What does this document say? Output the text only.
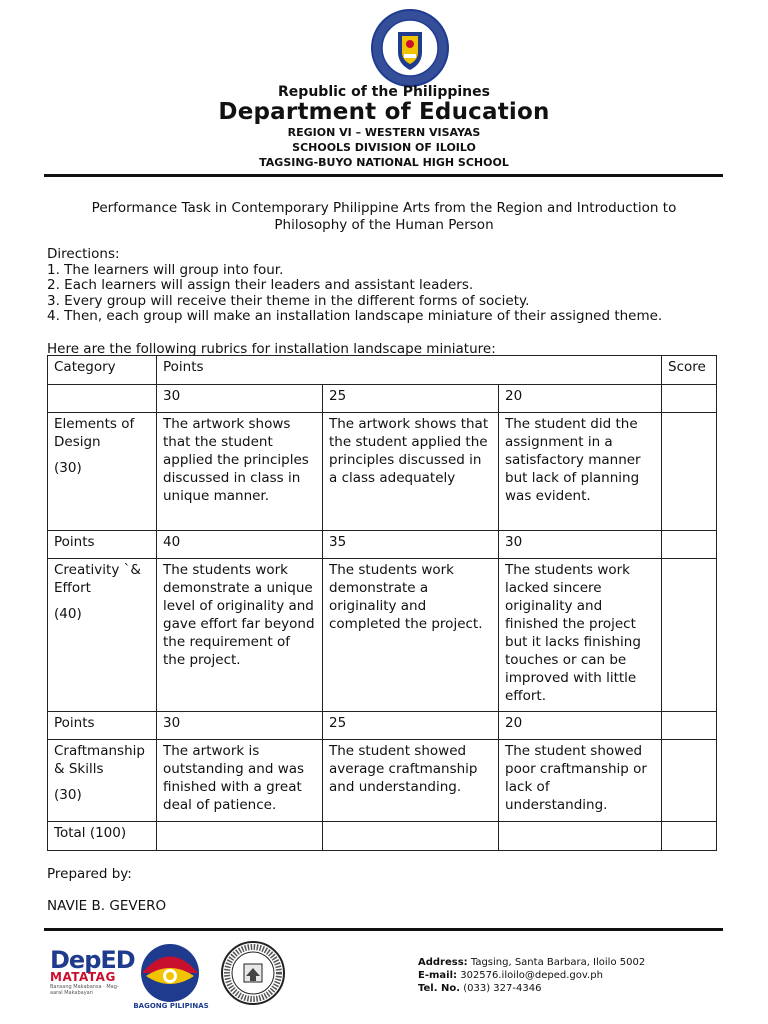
Republic of the Philippines
Department of Education
REGION VI – WESTERN VISAYAS
SCHOOLS DIVISION OF ILOILO
TAGSING-BUYO NATIONAL HIGH SCHOOL
Performance Task in Contemporary Philippine Arts from the Region and Introduction to Philosophy of the Human Person
Directions:
1. The learners will group into four.
2. Each learners will assign their leaders and assistant leaders.
3. Every group will receive their theme in the different forms of society.
4. Then, each group will make an installation landscape miniature of their assigned theme.
Here are the following rubrics for installation landscape miniature:
Category	Points			Score
	30	25	20	

Elements of Design
(30)	The artwork shows that the student applied the principles discussed in class in unique manner.	The artwork shows that the student applied the principles discussed in a class adequately	The student did the assignment in a satisfactory manner but lack of planning was evident.	
Points	40	35	30	

Creativity `& Effort
(40)	The students work demonstrate a unique level of originality and gave effort far beyond the requirement of the project.	The students work demonstrate a originality and completed the project.	The students work lacked sincere originality and finished the project but it lacks finishing touches or can be improved with little effort.	
Points	30	25	20	

Craftmanship & Skills
(30)	The artwork is outstanding and was finished with a great deal of patience.	The student showed average craftmanship and understanding.	The student showed poor craftmanship or lack of understanding.	
Total (100)				
Prepared by:
NAVIE B. GEVERO
DepED
MATATAG
Bansang Makabansa · Mag-aaral Makabayan
BAGONG PILIPINAS
Address: Tagsing, Santa Barbara, Iloilo 5002
E-mail: 302576.iloilo@deped.gov.ph
Tel. No. (033) 327-4346
